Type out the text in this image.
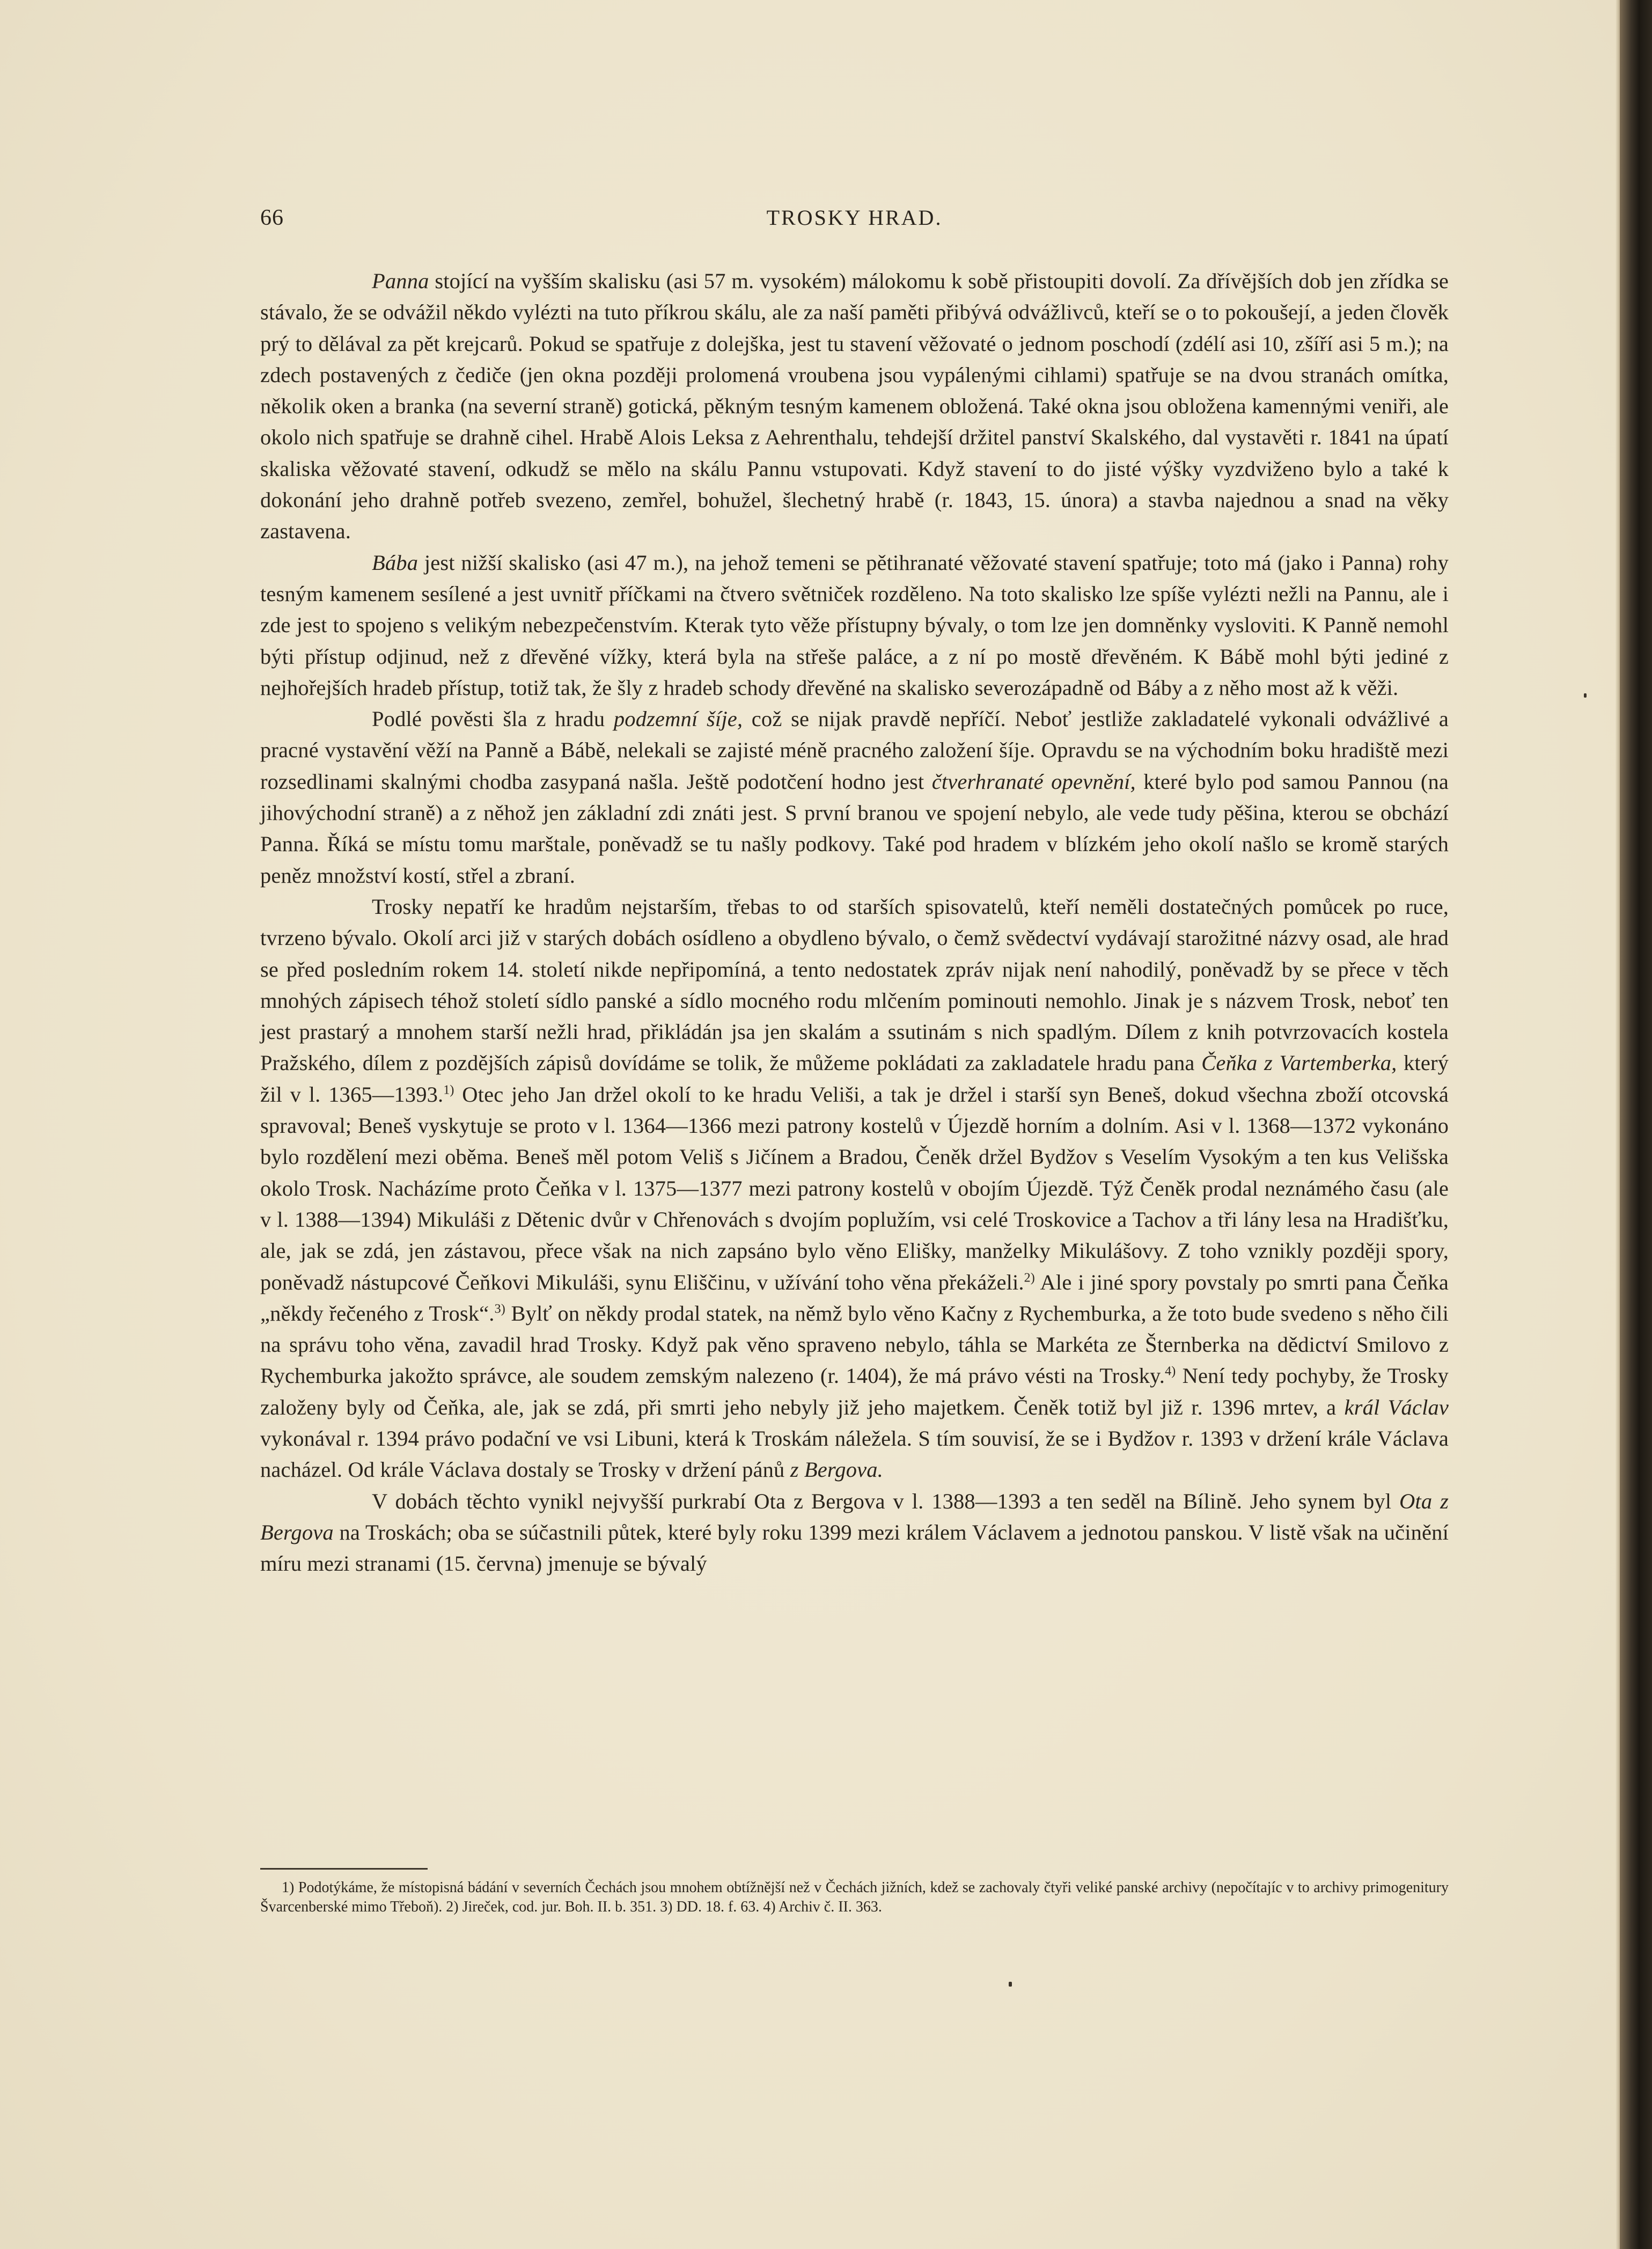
66	TROSKY HRAD.

Panna stojící na vyšším skalisku (asi 57 m. vysokém) málokomu k sobě přistoupiti dovolí. Za dřívějších dob jen zřídka se stávalo, že se odvážil někdo vylézti na tuto příkrou skálu, ale za naší paměti přibývá odvážlivců, kteří se o to pokoušejí, a jeden člověk prý to dělával za pět krejcarů. Pokud se spatřuje z dolejška, jest tu stavení věžovaté o jednom poschodí (zdélí asi 10, zšíří asi 5 m.); na zdech postavených z čediče (jen okna později prolomená vroubena jsou vypálenými cihlami) spatřuje se na dvou stranách omítka, několik oken a branka (na severní straně) gotická, pěkným tesným kamenem obložená. Také okna jsou obložena kamennými veniři, ale okolo nich spatřuje se drahně cihel. Hrabě Alois Leksa z Aehrenthalu, tehdejší držitel panství Skalského, dal vystavěti r. 1841 na úpatí skaliska věžovaté stavení, odkudž se mělo na skálu Pannu vstupovati. Když stavení to do jisté výšky vyzdviženo bylo a také k dokonání jeho drahně potřeb svezeno, zemřel, bohužel, šlechetný hrabě (r. 1843, 15. února) a stavba najednou a snad na věky zastavena.

Bába jest nižší skalisko (asi 47 m.), na jehož temeni se pětihranaté věžovaté stavení spatřuje; toto má (jako i Panna) rohy tesným kamenem sesílené a jest uvnitř příčkami na čtvero světniček rozděleno. Na toto skalisko lze spíše vylézti nežli na Pannu, ale i zde jest to spojeno s velikým nebezpečenstvím. Kterak tyto věže přístupny bývaly, o tom lze jen domněnky vysloviti. K Panně nemohl býti přístup odjinud, než z dřevěné vížky, která byla na střeše paláce, a z ní po mostě dřevěném. K Bábě mohl býti jediné z nejhořejších hradeb přístup, totiž tak, že šly z hradeb schody dřevěné na skalisko severozápadně od Báby a z něho most až k věži.

Podlé pověsti šla z hradu podzemní šíje, což se nijak pravdě nepříčí. Neboť jestliže zakladatelé vykonali odvážlivé a pracné vystavění věží na Panně a Bábě, nelekali se zajisté méně pracného založení šíje. Opravdu se na východním boku hradiště mezi rozsedlinami skalnými chodba zasypaná našla. Ještě podotčení hodno jest čtverhranaté opevnění, které bylo pod samou Pannou (na jihovýchodní straně) a z něhož jen základní zdi znáti jest. S první branou ve spojení nebylo, ale vede tudy pěšina, kterou se obchází Panna. Říká se místu tomu marštale, poněvadž se tu našly podkovy. Také pod hradem v blízkém jeho okolí našlo se kromě starých peněz množství kostí, střel a zbraní.

Trosky nepatří ke hradům nejstarším, třebas to od starších spisovatelů, kteří neměli dostatečných pomůcek po ruce, tvrzeno bývalo. Okolí arci již v starých dobách osídleno a obydleno bývalo, o čemž svědectví vydávají starožitné názvy osad, ale hrad se před posledním rokem 14. století nikde nepřipomíná, a tento nedostatek zpráv nijak není nahodilý, poněvadž by se přece v těch mnohých zápisech téhož století sídlo panské a sídlo mocného rodu mlčením pominouti nemohlo. Jinak je s názvem Trosk, neboť ten jest prastarý a mnohem starší nežli hrad, přikládán jsa jen skalám a ssutinám s nich spadlým. Dílem z knih potvrzovacích kostela Pražského, dílem z pozdějších zápisů dovídáme se tolik, že můžeme pokládati za zakladatele hradu pana Čeňka z Vartemberka, který žil v l. 1365—1393.$^{1)}$ Otec jeho Jan držel okolí to ke hradu Veliši, a tak je držel i starší syn Beneš, dokud všechna zboží otcovská spravoval; Beneš vyskytuje se proto v l. 1364—1366 mezi patrony kostelů v Újezdě horním a dolním. Asi v l. 1368—1372 vykonáno bylo rozdělení mezi oběma. Beneš měl potom Veliš s Jičínem a Bradou, Čeněk držel Bydžov s Veselím Vysokým a ten kus Velišska okolo Trosk. Nacházíme proto Čeňka v l. 1375—1377 mezi patrony kostelů v obojím Újezdě. Týž Čeněk prodal neznámého času (ale v l. 1388—1394) Mikuláši z Dětenic dvůr v Chřenovách s dvojím poplužím, vsi celé Troskovice a Tachov a tři lány lesa na Hradišťku, ale, jak se zdá, jen zástavou, přece však na nich zapsáno bylo věno Elišky, manželky Mikulášovy. Z toho vznikly později spory, poněvadž nástupcové Čeňkovi Mikuláši, synu Eliščinu, v užívání toho věna překáželi.$^{2)}$ Ale i jiné spory povstaly po smrti pana Čeňka „někdy řečeného z Trosk“.$^{3)}$ Bylť on někdy prodal statek, na němž bylo věno Kačny z Rychemburka, a že toto bude svedeno s něho čili na správu toho věna, zavadil hrad Trosky. Když pak věno spraveno nebylo, táhla se Markéta ze Šternberka na dědictví Smilovo z Rychemburka jakožto správce, ale soudem zemským nalezeno (r. 1404), že má právo vésti na Trosky.$^{4)}$ Není tedy pochyby, že Trosky založeny byly od Čeňka, ale, jak se zdá, při smrti jeho nebyly již jeho majetkem. Čeněk totiž byl již r. 1396 mrtev, a král Václav vykonával r. 1394 právo podační ve vsi Libuni, která k Troskám náležela. S tím souvisí, že se i Bydžov r. 1393 v držení krále Václava nacházel. Od krále Václava dostaly se Trosky v držení pánů z Bergova.

V dobách těchto vynikl nejvyšší purkrabí Ota z Bergova v l. 1388—1393 a ten seděl na Bílině. Jeho synem byl Ota z Bergova na Troskách; oba se súčastnili půtek, které byly roku 1399 mezi králem Václavem a jednotou panskou. V listě však na učinění míru mezi stranami (15. června) jmenuje se bývalý

1) Podotýkáme, že místopisná bádání v severních Čechách jsou mnohem obtížnější než v Čechách jižních, kdež se zachovaly čtyři veliké panské archivy (nepočítajíc v to archivy primogenitury Švarcenberské mimo Třeboň). 2) Jireček, cod. jur. Boh. II. b. 351. 3) DD. 18. f. 63. 4) Archiv č. II. 363.
